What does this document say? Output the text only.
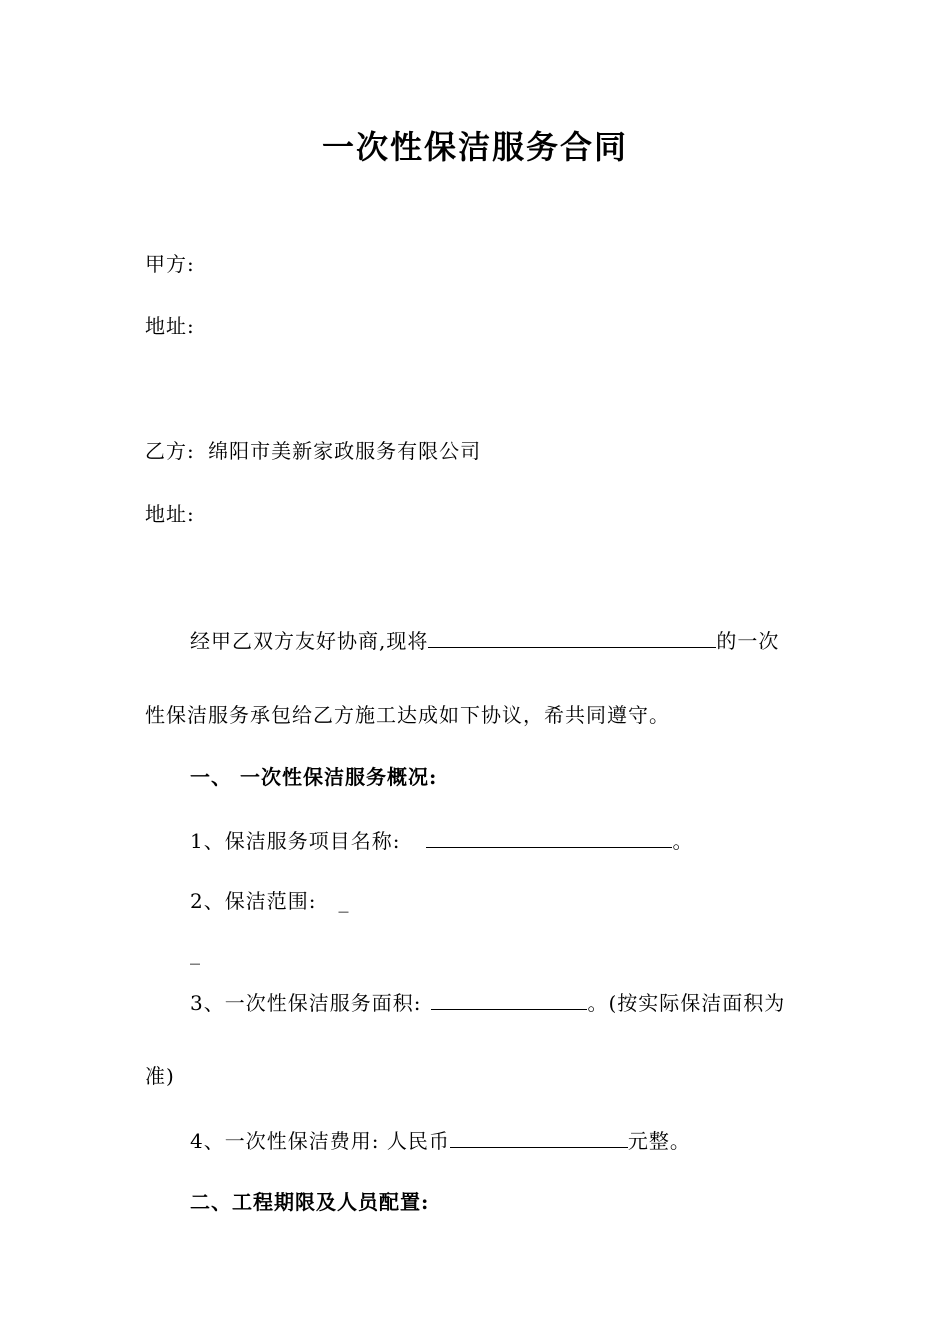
一次性保洁服务合同
甲方:
地址:
乙方: 绵阳市美新家政服务有限公司
地址:
经甲乙双方友好协商,现将	的一次
性保洁服务承包给乙方施工达成如下协议，希共同遵守。
一、 一次性保洁服务概况:
1、保洁服务项目名称:	。
2、保洁范围: _
_
3、一次性保洁服务面积:	。(按实际保洁面积为
准)
4、一次性保洁费用: 人民币	元整。
二、工程期限及人员配置:
